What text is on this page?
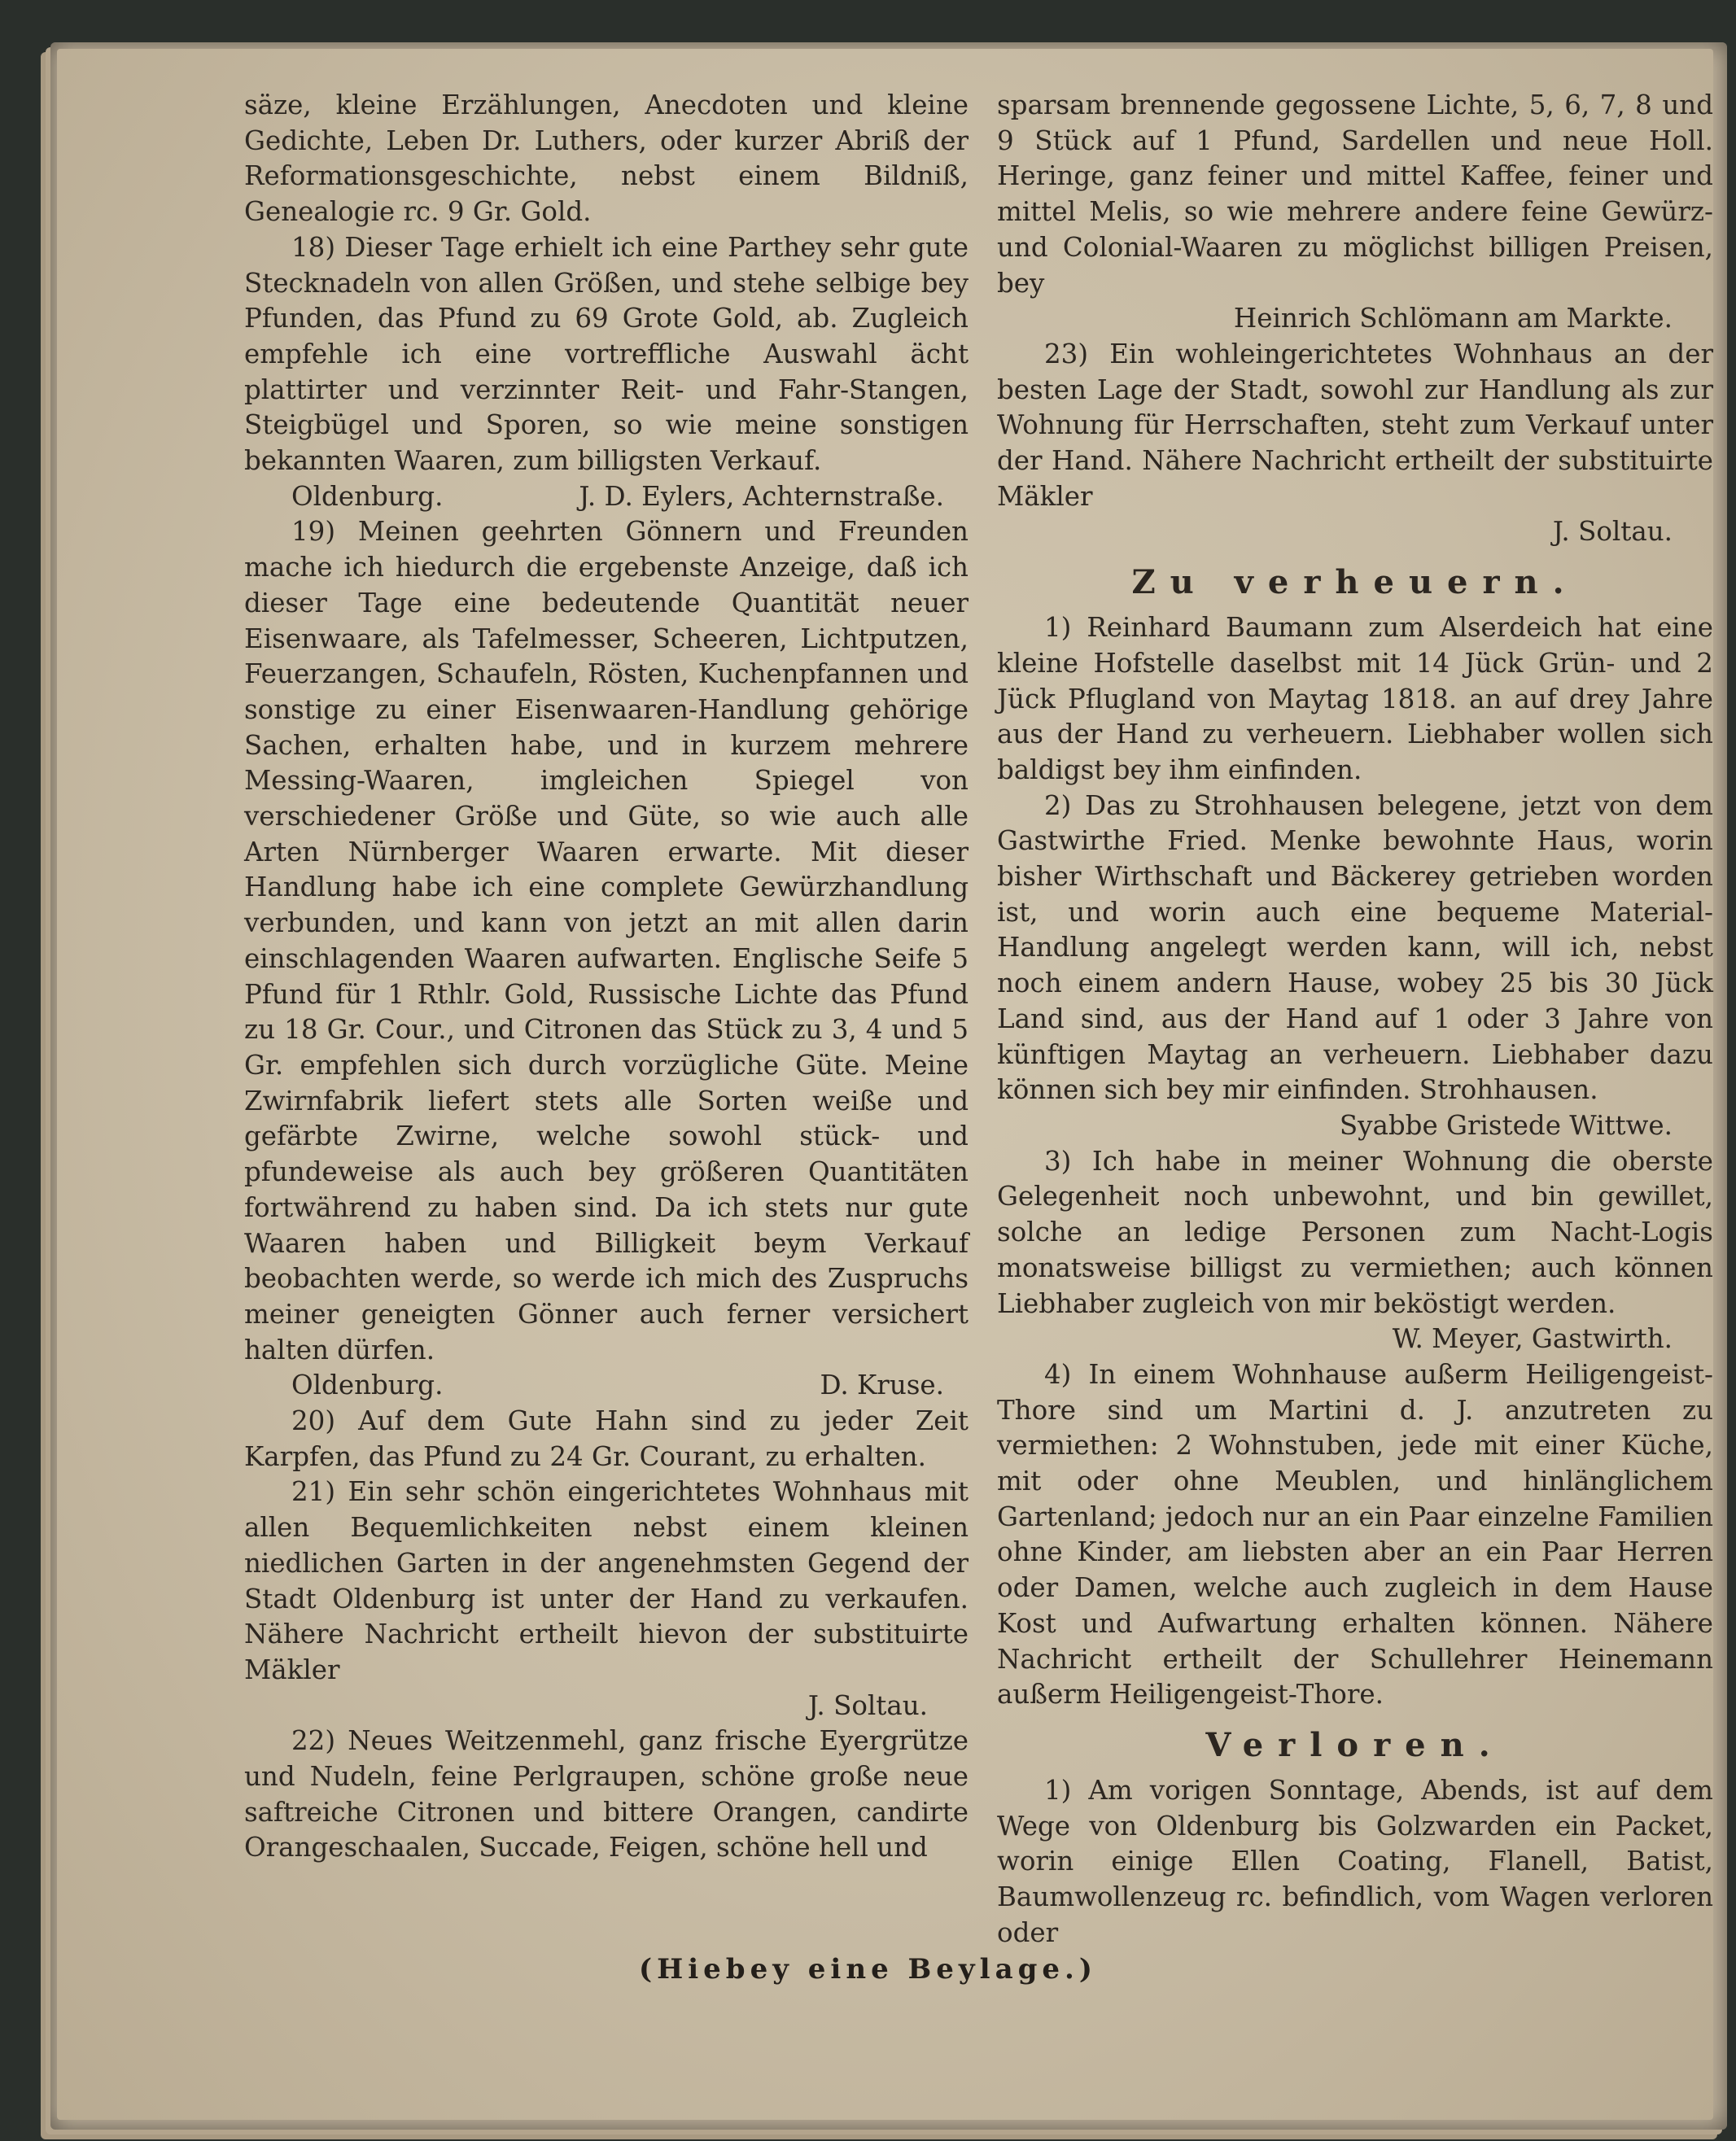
säze, kleine Erzählungen, Anecdoten und kleine Gedichte, Leben Dr. Luthers, oder kurzer Abriß der Reformationsgeschichte, nebst einem Bildniß, Genealogie rc. 9 Gr. Gold.

18) Dieser Tage erhielt ich eine Parthey sehr gute Stecknadeln von allen Größen, und stehe selbige bey Pfunden, das Pfund zu 69 Grote Gold, ab. Zugleich empfehle ich eine vortreffliche Auswahl ächt plattirter und verzinnter Reit- und Fahr-Stangen, Steigbügel und Sporen, so wie meine sonstigen bekannten Waaren, zum billigsten Verkauf.

Oldenburg.	J. D. Eylers, Achternstraße.

19) Meinen geehrten Gönnern und Freunden mache ich hiedurch die ergebenste Anzeige, daß ich dieser Tage eine bedeutende Quantität neuer Eisenwaare, als Tafelmesser, Scheeren, Lichtputzen, Feuerzangen, Schaufeln, Rösten, Kuchenpfannen und sonstige zu einer Eisenwaaren-Handlung gehörige Sachen, erhalten habe, und in kurzem mehrere Messing-Waaren, imgleichen Spiegel von verschiedener Größe und Güte, so wie auch alle Arten Nürnberger Waaren erwarte. Mit dieser Handlung habe ich eine complete Gewürzhandlung verbunden, und kann von jetzt an mit allen darin einschlagenden Waaren aufwarten. Englische Seife 5 Pfund für 1 Rthlr. Gold, Russische Lichte das Pfund zu 18 Gr. Cour., und Citronen das Stück zu 3, 4 und 5 Gr. empfehlen sich durch vorzügliche Güte. Meine Zwirnfabrik liefert stets alle Sorten weiße und gefärbte Zwirne, welche sowohl stück- und pfundeweise als auch bey größeren Quantitäten fortwährend zu haben sind. Da ich stets nur gute Waaren haben und Billigkeit beym Verkauf beobachten werde, so werde ich mich des Zuspruchs meiner geneigten Gönner auch ferner versichert halten dürfen.

Oldenburg.	D. Kruse.

20) Auf dem Gute Hahn sind zu jeder Zeit Karpfen, das Pfund zu 24 Gr. Courant, zu erhalten.

21) Ein sehr schön eingerichtetes Wohnhaus mit allen Bequemlichkeiten nebst einem kleinen niedlichen Garten in der angenehmsten Gegend der Stadt Oldenburg ist unter der Hand zu verkaufen. Nähere Nachricht ertheilt hievon der substituirte Mäkler

J. Soltau.

22) Neues Weitzenmehl, ganz frische Eyergrütze und Nudeln, feine Perlgraupen, schöne große neue saftreiche Citronen und bittere Orangen, candirte Orangeschaalen, Succade, Feigen, schöne hell und

sparsam brennende gegossene Lichte, 5, 6, 7, 8 und 9 Stück auf 1 Pfund, Sardellen und neue Holl. Heringe, ganz feiner und mittel Kaffee, feiner und mittel Melis, so wie mehrere andere feine Gewürz- und Colonial-Waaren zu möglichst billigen Preisen, bey

Heinrich Schlömann am Markte.

23) Ein wohleingerichtetes Wohnhaus an der besten Lage der Stadt, sowohl zur Handlung als zur Wohnung für Herrschaften, steht zum Verkauf unter der Hand. Nähere Nachricht ertheilt der substituirte Mäkler

J. Soltau.

Zu verheuern.

1) Reinhard Baumann zum Alserdeich hat eine kleine Hofstelle daselbst mit 14 Jück Grün- und 2 Jück Pflugland von Maytag 1818. an auf drey Jahre aus der Hand zu verheuern. Liebhaber wollen sich baldigst bey ihm einfinden.

2) Das zu Strohhausen belegene, jetzt von dem Gastwirthe Fried. Menke bewohnte Haus, worin bisher Wirthschaft und Bäckerey getrieben worden ist, und worin auch eine bequeme Material-Handlung angelegt werden kann, will ich, nebst noch einem andern Hause, wobey 25 bis 30 Jück Land sind, aus der Hand auf 1 oder 3 Jahre von künftigen Maytag an verheuern. Liebhaber dazu können sich bey mir einfinden. Strohhausen.

Syabbe Gristede Wittwe.

3) Ich habe in meiner Wohnung die oberste Gelegenheit noch unbewohnt, und bin gewillet, solche an ledige Personen zum Nacht-Logis monatsweise billigst zu vermiethen; auch können Liebhaber zugleich von mir beköstigt werden.

W. Meyer, Gastwirth.

4) In einem Wohnhause außerm Heiligengeist-Thore sind um Martini d. J. anzutreten zu vermiethen: 2 Wohnstuben, jede mit einer Küche, mit oder ohne Meublen, und hinlänglichem Gartenland; jedoch nur an ein Paar einzelne Familien ohne Kinder, am liebsten aber an ein Paar Herren oder Damen, welche auch zugleich in dem Hause Kost und Aufwartung erhalten können. Nähere Nachricht ertheilt der Schullehrer Heinemann außerm Heiligengeist-Thore.

Verloren.

1) Am vorigen Sonntage, Abends, ist auf dem Wege von Oldenburg bis Golzwarden ein Packet, worin einige Ellen Coating, Flanell, Batist, Baumwollenzeug rc. befindlich, vom Wagen verloren oder

(Hiebey eine Beylage.)
